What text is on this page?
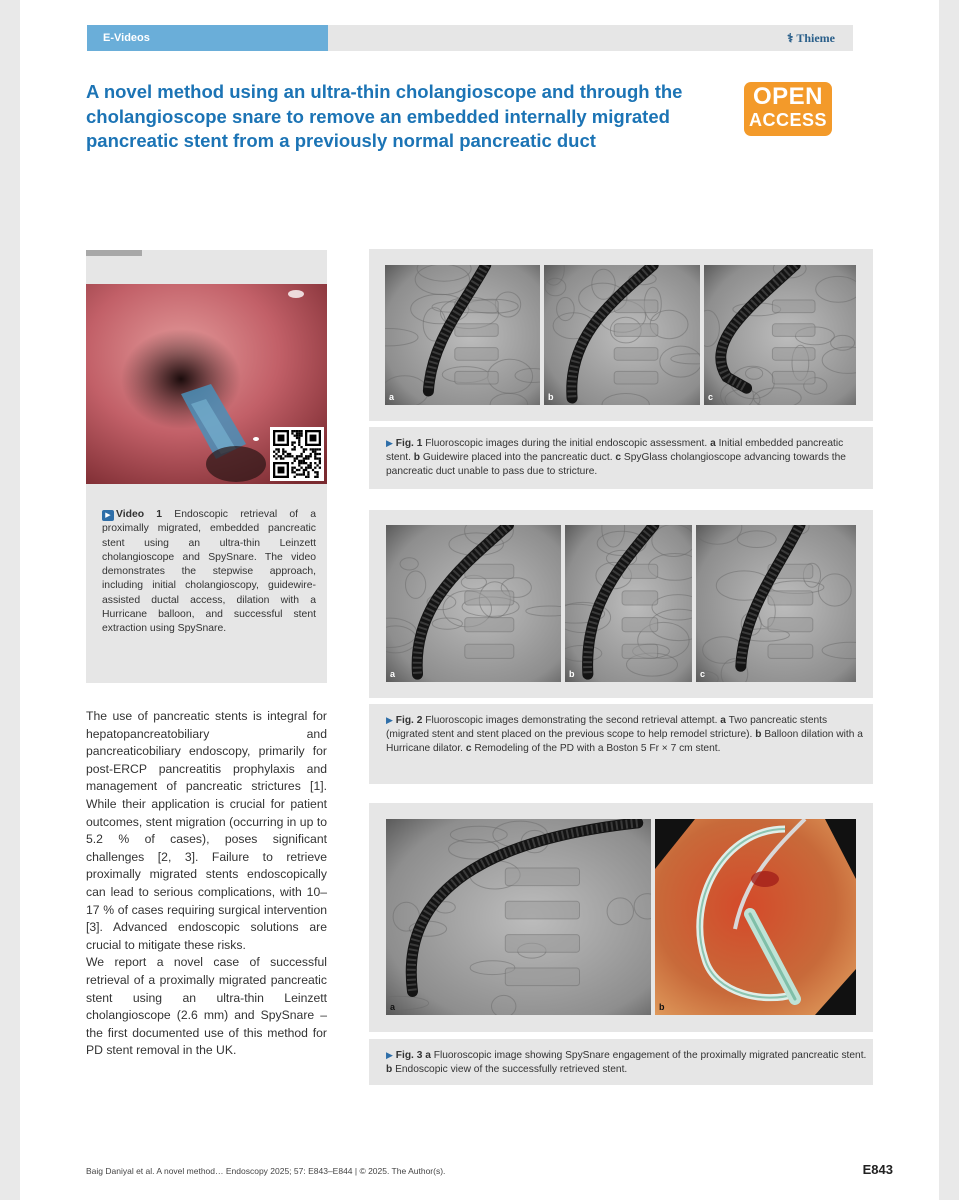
E-Videos	⚕ Thieme
A novel method using an ultra-thin cholangioscope and through the cholangioscope snare to remove an embedded internally migrated pancreatic stent from a previously normal pancreatic duct
OPEN
ACCESS
▶ Video 1 Endoscopic retrieval of a proximally migrated, embedded pancreatic stent using an ultra-thin Leinzett cholangioscope and SpySnare. The video demonstrates the stepwise approach, including initial cholangioscopy, guidewire-assisted ductal access, dilation with a Hurricane balloon, and successful stent extraction using SpySnare.

The use of pancreatic stents is integral for hepatopancreatobiliary and pancreaticobiliary endoscopy, primarily for post-ERCP pancreatitis prophylaxis and management of pancreatic strictures [1]. While their application is crucial for patient outcomes, stent migration (occurring in up to 5.2 % of cases), poses significant challenges [2, 3]. Failure to retrieve proximally migrated stents endoscopically can lead to serious complications, with 10–17 % of cases requiring surgical intervention [3]. Advanced endoscopic solutions are crucial to mitigate these risks.

We report a novel case of successful retrieval of a proximally migrated pancreatic stent using an ultra-thin Leinzett cholangioscope (2.6 mm) and SpySnare – the first documented use of this method for PD stent removal in the UK.

a	b	c
▶ Fig. 1 Fluoroscopic images during the initial endoscopic assessment. a Initial embedded pancreatic stent. b Guidewire placed into the pancreatic duct. c SpyGlass cholangioscope advancing towards the pancreatic duct unable to pass due to stricture.
a	b	c
▶ Fig. 2 Fluoroscopic images demonstrating the second retrieval attempt. a Two pancreatic stents (migrated stent and stent placed on the previous scope to help remodel stricture). b Balloon dilation with a Hurricane dilator. c Remodeling of the PD with a Boston 5 Fr × 7 cm stent.
a	b
▶ Fig. 3 a Fluoroscopic image showing SpySnare engagement of the proximally migrated pancreatic stent. b Endoscopic view of the successfully retrieved stent.
Baig Daniyal et al. A novel method… Endoscopy 2025; 57: E843–E844 | © 2025. The Author(s).	E843
